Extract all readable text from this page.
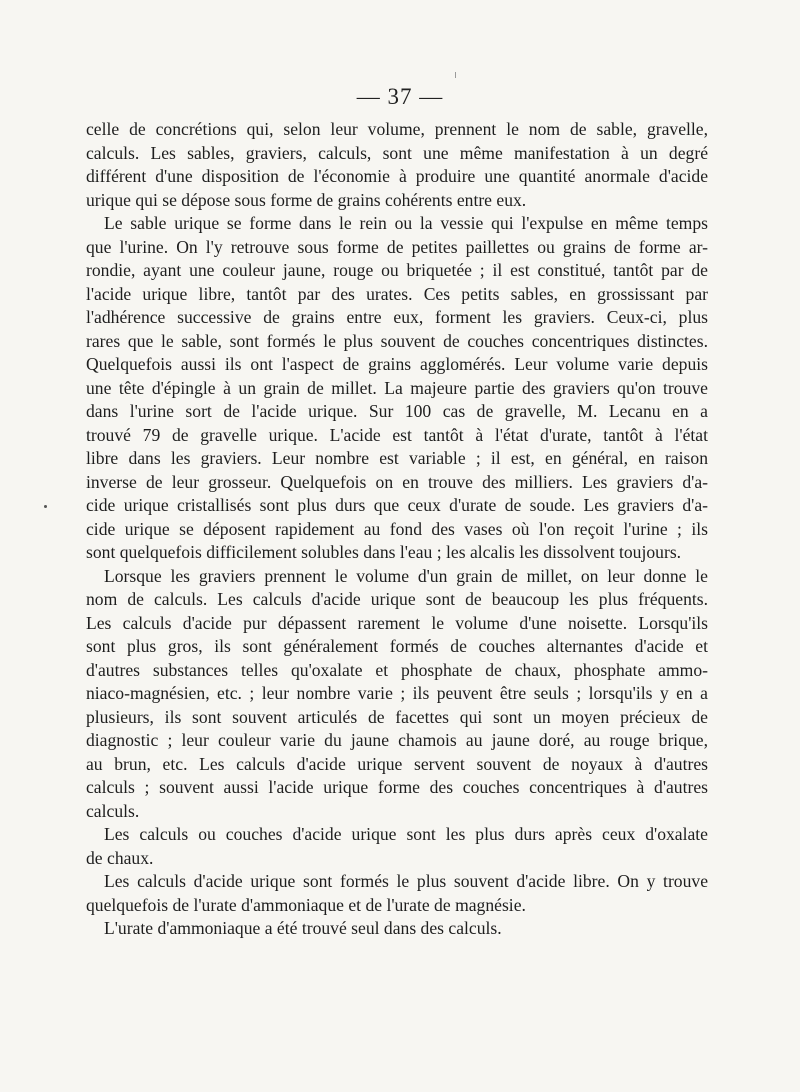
— 37 —
celle de concrétions qui, selon leur volume, prennent le nom de sable, gravelle,
calculs. Les sables, graviers, calculs, sont une même manifestation à un degré
différent d'une disposition de l'économie à produire une quantité anormale d'acide
urique qui se dépose sous forme de grains cohérents entre eux.
Le sable urique se forme dans le rein ou la vessie qui l'expulse en même temps
que l'urine. On l'y retrouve sous forme de petites paillettes ou grains de forme ar-
rondie, ayant une couleur jaune, rouge ou briquetée ; il est constitué, tantôt par de
l'acide urique libre, tantôt par des urates. Ces petits sables, en grossissant par
l'adhérence successive de grains entre eux, forment les graviers. Ceux-ci, plus
rares que le sable, sont formés le plus souvent de couches concentriques distinctes.
Quelquefois aussi ils ont l'aspect de grains agglomérés. Leur volume varie depuis
une tête d'épingle à un grain de millet. La majeure partie des graviers qu'on trouve
dans l'urine sort de l'acide urique. Sur 100 cas de gravelle, M. Lecanu en a
trouvé 79 de gravelle urique. L'acide est tantôt à l'état d'urate, tantôt à l'état
libre dans les graviers. Leur nombre est variable ; il est, en général, en raison
inverse de leur grosseur. Quelquefois on en trouve des milliers. Les graviers d'a-
cide urique cristallisés sont plus durs que ceux d'urate de soude. Les graviers d'a-
cide urique se déposent rapidement au fond des vases où l'on reçoit l'urine ; ils
sont quelquefois difficilement solubles dans l'eau ; les alcalis les dissolvent toujours.
Lorsque les graviers prennent le volume d'un grain de millet, on leur donne le
nom de calculs. Les calculs d'acide urique sont de beaucoup les plus fréquents.
Les calculs d'acide pur dépassent rarement le volume d'une noisette. Lorsqu'ils
sont plus gros, ils sont généralement formés de couches alternantes d'acide et
d'autres substances telles qu'oxalate et phosphate de chaux, phosphate ammo-
niaco-magnésien, etc. ; leur nombre varie ; ils peuvent être seuls ; lorsqu'ils y en a
plusieurs, ils sont souvent articulés de facettes qui sont un moyen précieux de
diagnostic ; leur couleur varie du jaune chamois au jaune doré, au rouge brique,
au brun, etc. Les calculs d'acide urique servent souvent de noyaux à d'autres
calculs ; souvent aussi l'acide urique forme des couches concentriques à d'autres
calculs.
Les calculs ou couches d'acide urique sont les plus durs après ceux d'oxalate
de chaux.
Les calculs d'acide urique sont formés le plus souvent d'acide libre. On y trouve
quelquefois de l'urate d'ammoniaque et de l'urate de magnésie.
L'urate d'ammoniaque a été trouvé seul dans des calculs.
